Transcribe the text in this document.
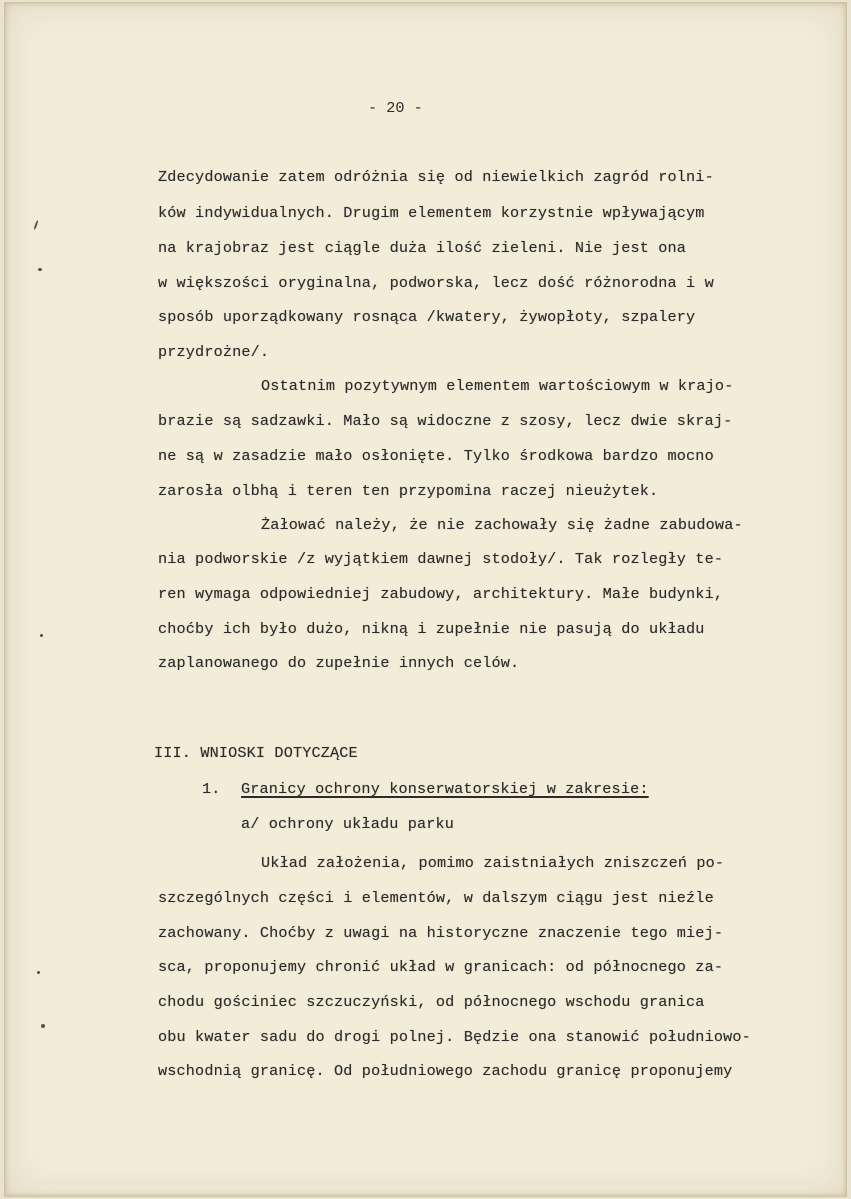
- 20 -
Zdecydowanie zatem odróżnia się od niewielkich zagród rolni-
ków indywidualnych. Drugim elementem korzystnie wpływającym
na krajobraz jest ciągle duża ilość zieleni. Nie jest ona
w większości oryginalna, podworska, lecz dość różnorodna i w
sposób uporządkowany rosnąca /kwatery, żywopłoty, szpalery
przydrożne/.
Ostatnim pozytywnym elementem wartościowym w krajo-
brazie są sadzawki. Mało są widoczne z szosy, lecz dwie skraj-
ne są w zasadzie mało osłonięte. Tylko środkowa bardzo mocno
zarosła olbhą i teren ten przypomina raczej nieużytek.
Żałować należy, że nie zachowały się żadne zabudowa-
nia podworskie /z wyjątkiem dawnej stodoły/. Tak rozległy te-
ren wymaga odpowiedniej zabudowy, architektury. Małe budynki,
choćby ich było dużo, nikną i zupełnie nie pasują do układu
zaplanowanego do zupełnie innych celów.
III. WNIOSKI DOTYCZĄCE
1. Granicy ochrony konserwatorskiej w zakresie:
a/ ochrony układu parku
Układ założenia, pomimo zaistniałych zniszczeń po-
szczególnych części i elementów, w dalszym ciągu jest nieźle
zachowany. Choćby z uwagi na historyczne znaczenie tego miej-
sca, proponujemy chronić układ w granicach: od północnego za-
chodu gościniec szczuczyński, od północnego wschodu granica
obu kwater sadu do drogi polnej. Będzie ona stanowić południowo-
wschodnią granicę. Od południowego zachodu granicę proponujemy
